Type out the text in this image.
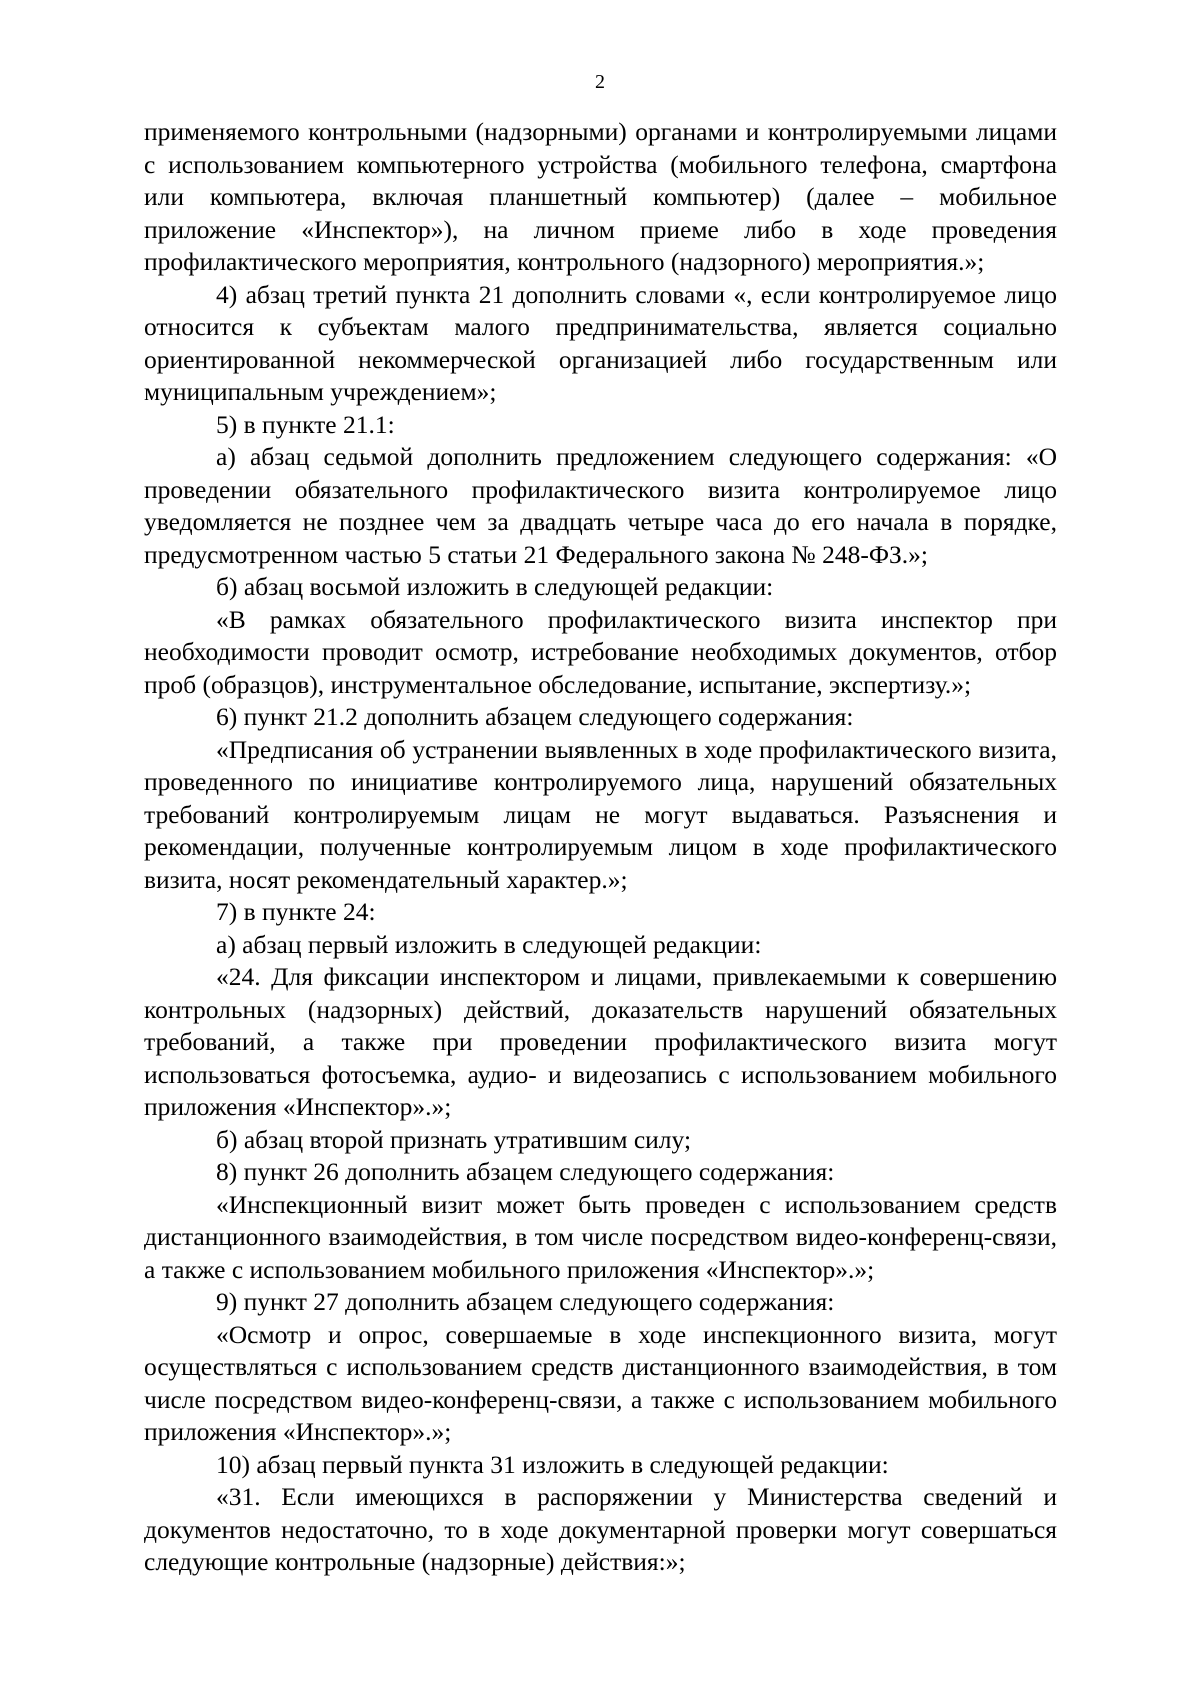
2

применяемого контрольными (надзорными) органами и контролируемыми лицами с использованием компьютерного устройства (мобильного телефона, смартфона или компьютера, включая планшетный компьютер) (далее – мобильное приложение «Инспектор»), на личном приеме либо в ходе проведения профилактического мероприятия, контрольного (надзорного) мероприятия.»;

4) абзац третий пункта 21 дополнить словами «, если контролируемое лицо относится к субъектам малого предпринимательства, является социально ориентированной некоммерческой организацией либо государственным или муниципальным учреждением»;

5) в пункте 21.1:

а) абзац седьмой дополнить предложением следующего содержания: «О проведении обязательного профилактического визита контролируемое лицо уведомляется не позднее чем за двадцать четыре часа до его начала в порядке, предусмотренном частью 5 статьи 21 Федерального закона № 248-ФЗ.»;

б) абзац восьмой изложить в следующей редакции:

«В рамках обязательного профилактического визита инспектор при необходимости проводит осмотр, истребование необходимых документов, отбор проб (образцов), инструментальное обследование, испытание, экспертизу.»;

6) пункт 21.2 дополнить абзацем следующего содержания:

«Предписания об устранении выявленных в ходе профилактического визита, проведенного по инициативе контролируемого лица, нарушений обязательных требований контролируемым лицам не могут выдаваться. Разъяснения и рекомендации, полученные контролируемым лицом в ходе профилактического визита, носят рекомендательный характер.»;

7) в пункте 24:

а) абзац первый изложить в следующей редакции:

«24. Для фиксации инспектором и лицами, привлекаемыми к совершению контрольных (надзорных) действий, доказательств нарушений обязательных требований, а также при проведении профилактического визита могут использоваться фотосъемка, аудио- и видеозапись с использованием мобильного приложения «Инспектор».»;

б) абзац второй признать утратившим силу;

8) пункт 26 дополнить абзацем следующего содержания:

«Инспекционный визит может быть проведен с использованием средств дистанционного взаимодействия, в том числе посредством видео-конференц-связи, а также с использованием мобильного приложения «Инспектор».»;

9) пункт 27 дополнить абзацем следующего содержания:

«Осмотр и опрос, совершаемые в ходе инспекционного визита, могут осуществляться с использованием средств дистанционного взаимодействия, в том числе посредством видео-конференц-связи, а также с использованием мобильного приложения «Инспектор».»;

10) абзац первый пункта 31 изложить в следующей редакции:

«31. Если имеющихся в распоряжении у Министерства сведений и документов недостаточно, то в ходе документарной проверки могут совершаться следующие контрольные (надзорные) действия:»;
